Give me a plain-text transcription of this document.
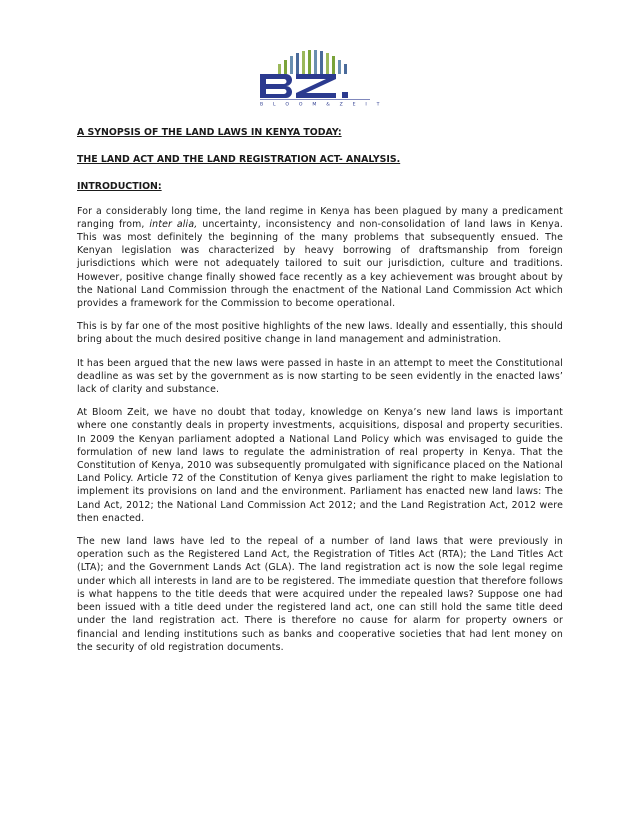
B L O O M & Z E I T
A SYNOPSIS OF THE LAND LAWS IN KENYA TODAY:
THE LAND ACT AND THE LAND REGISTRATION ACT- ANALYSIS.
INTRODUCTION:

For a considerably long time, the land regime in Kenya has been plagued by many a predicament ranging from, inter alia, uncertainty, inconsistency and non-consolidation of land laws in Kenya. This was most definitely the beginning of the many problems that subsequently ensued. The Kenyan legislation was characterized by heavy borrowing of draftsmanship from foreign jurisdictions which were not adequately tailored to suit our jurisdiction, culture and traditions. However, positive change finally showed face recently as a key achievement was brought about by the National Land Commission through the enactment of the National Land Commission Act which provides a framework for the Commission to become operational.

This is by far one of the most positive highlights of the new laws. Ideally and essentially, this should bring about the much desired positive change in land management and administration.

It has been argued that the new laws were passed in haste in an attempt to meet the Constitutional deadline as was set by the government as is now starting to be seen evidently in the enacted laws’ lack of clarity and substance.

At Bloom Zeit, we have no doubt that today, knowledge on Kenya’s new land laws is important where one constantly deals in property investments, acquisitions, disposal and property securities. In 2009 the Kenyan parliament adopted a National Land Policy which was envisaged to guide the formulation of new land laws to regulate the administration of real property in Kenya. That the Constitution of Kenya, 2010 was subsequently promulgated with significance placed on the National Land Policy. Article 72 of the Constitution of Kenya gives parliament the right to make legislation to implement its provisions on land and the environment. Parliament has enacted new land laws: The Land Act, 2012; the National Land Commission Act 2012; and the Land Registration Act, 2012 were then enacted.

The new land laws have led to the repeal of a number of land laws that were previously in operation such as the Registered Land Act, the Registration of Titles Act (RTA); the Land Titles Act (LTA); and the Government Lands Act (GLA). The land registration act is now the sole legal regime under which all interests in land are to be registered. The immediate question that therefore follows is what happens to the title deeds that were acquired under the repealed laws? Suppose one had been issued with a title deed under the registered land act, one can still hold the same title deed under the land registration act. There is therefore no cause for alarm for property owners or financial and lending institutions such as banks and cooperative societies that had lent money on the security of old registration documents.
